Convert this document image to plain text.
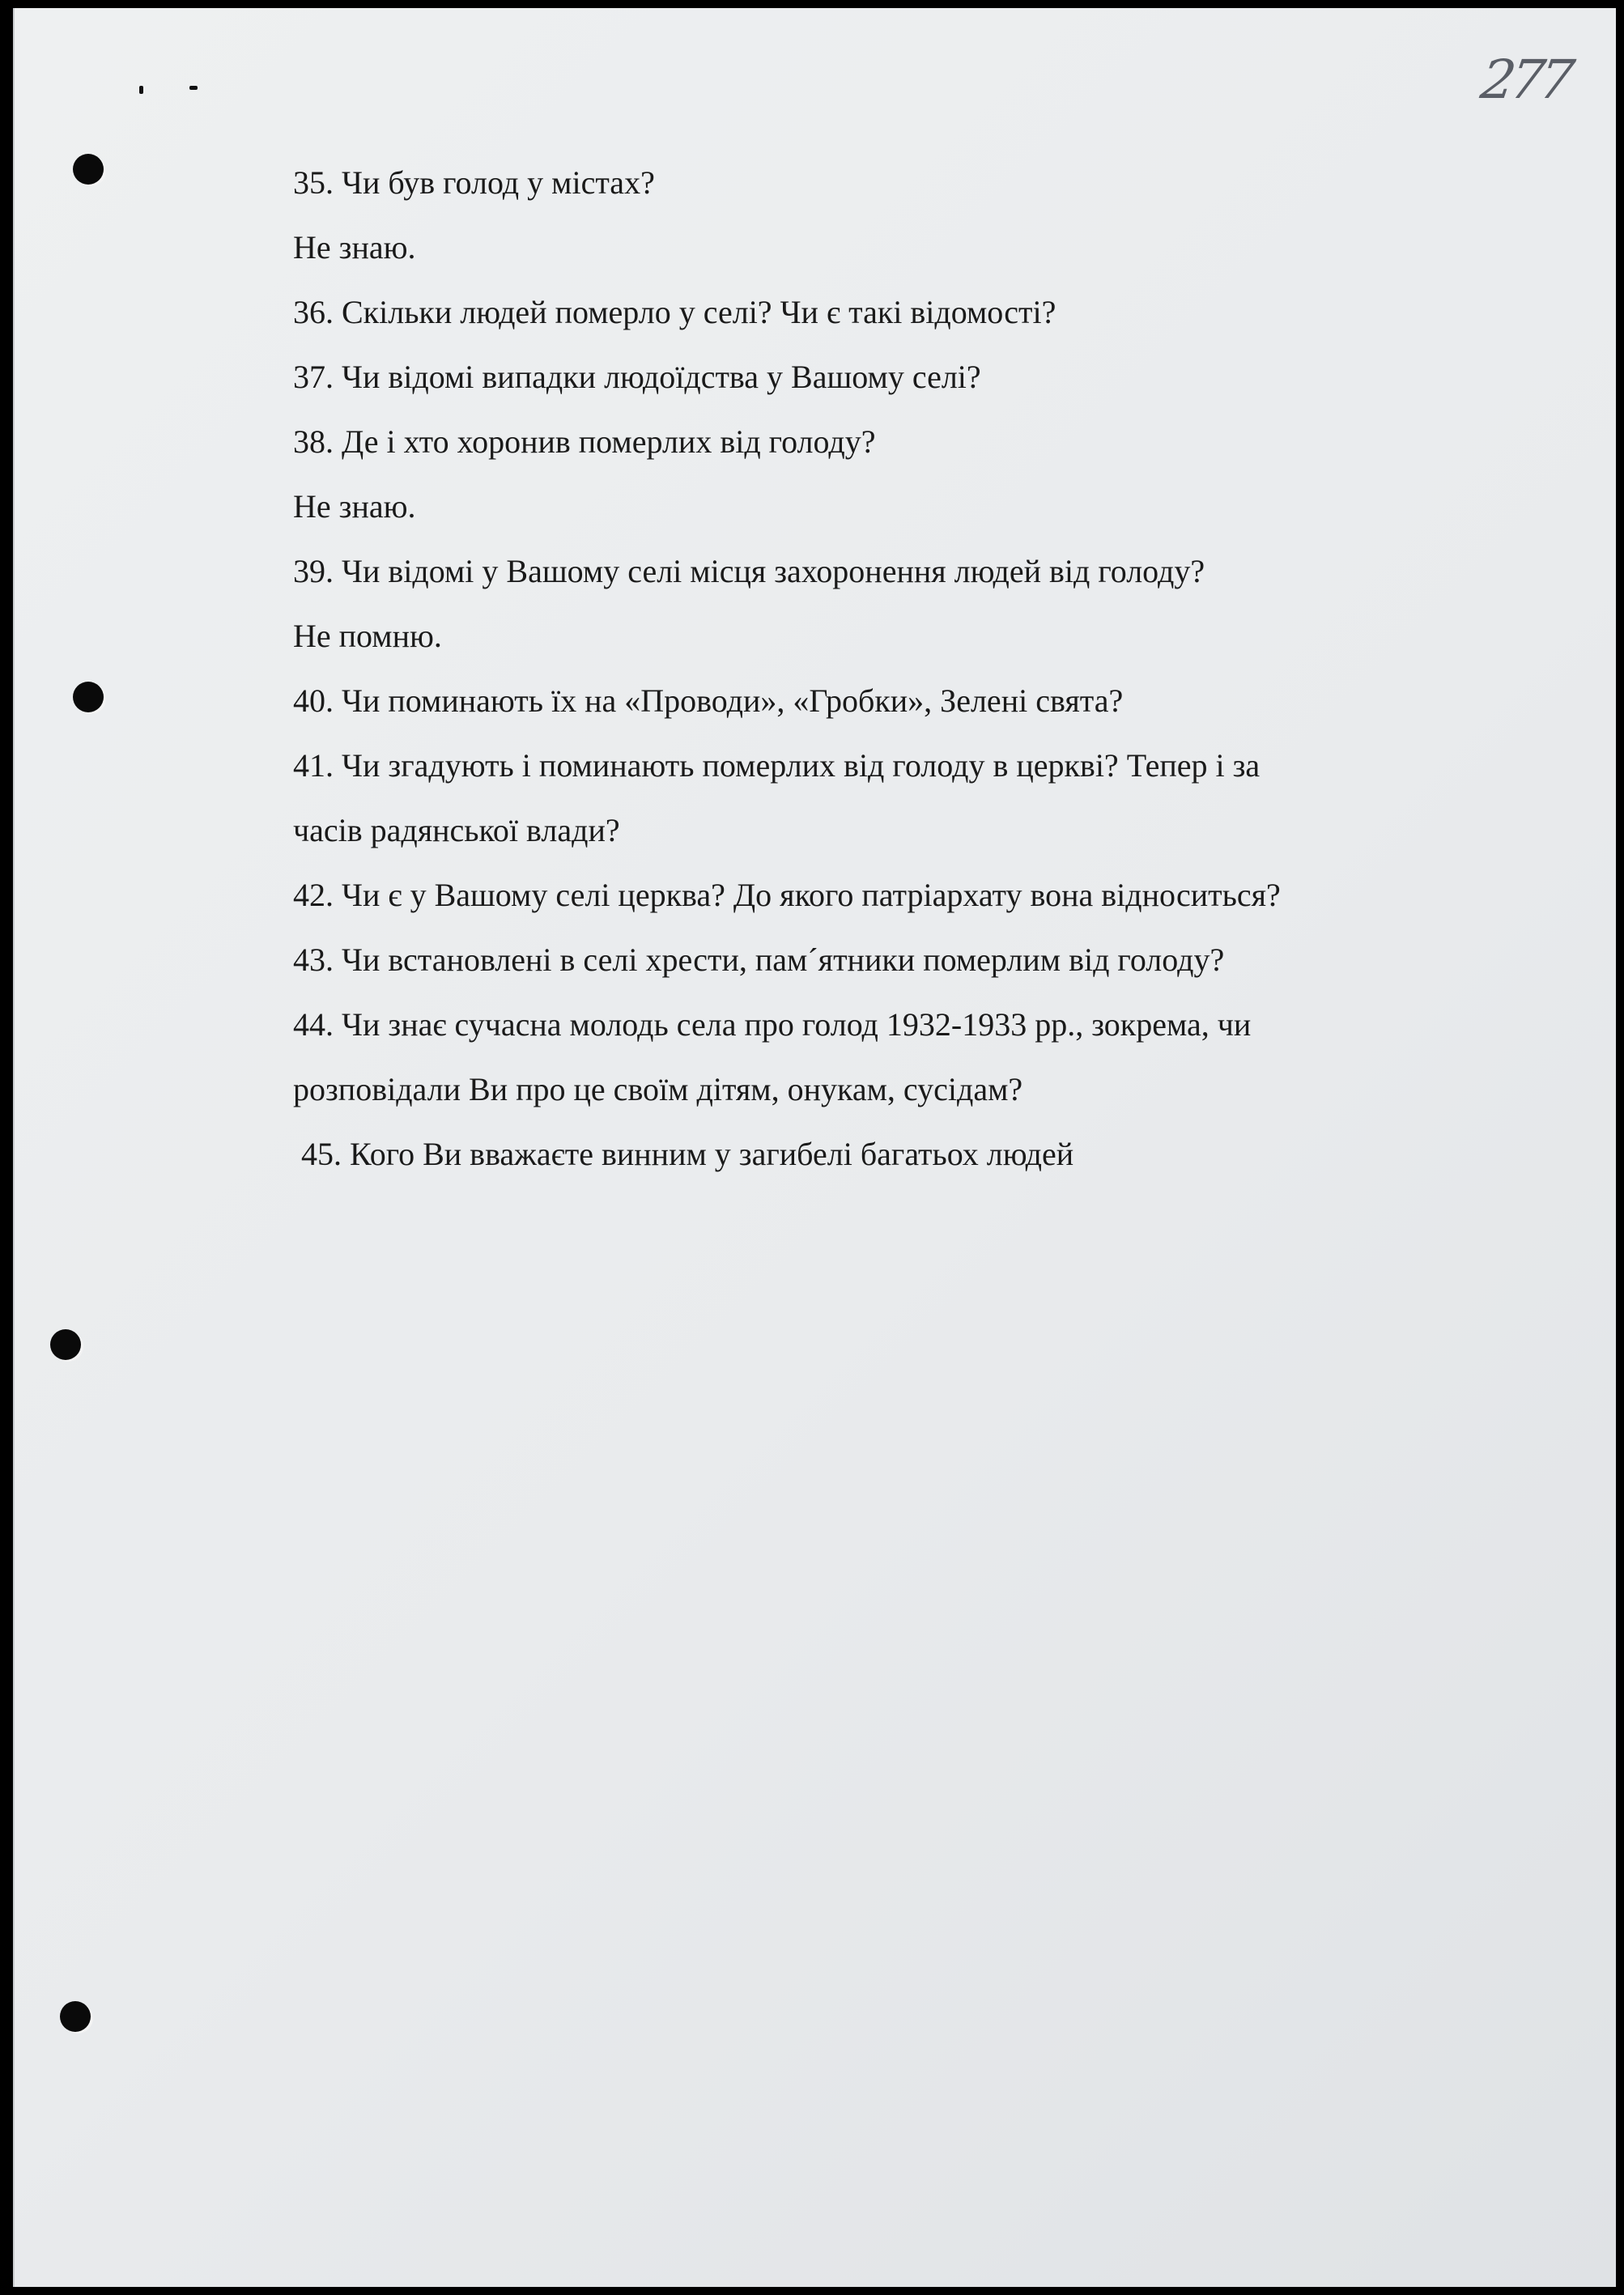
277
35. Чи був голод у містах?
Не знаю.
36. Скільки людей померло у селі? Чи є такі відомості?
37. Чи відомі випадки людоїдства у Вашому селі?
38. Де і хто хоронив померлих від голоду?
Не знаю.
39. Чи відомі у Вашому селі місця захоронення людей від голоду?
Не помню.
40. Чи поминають їх на «Проводи», «Гробки», Зелені свята?
41. Чи згадують і поминають померлих від голоду в церкві? Тепер і за
часів радянської влади?
42. Чи є у Вашому селі церква? До якого патріархату вона відноситься?
43. Чи встановлені в селі хрести, пам´ятники померлим від голоду?
44. Чи знає сучасна молодь села про голод 1932-1933 рр., зокрема, чи
розповідали Ви про це своїм дітям, онукам, сусідам?
45. Кого Ви вважаєте винним у загибелі багатьох людей
